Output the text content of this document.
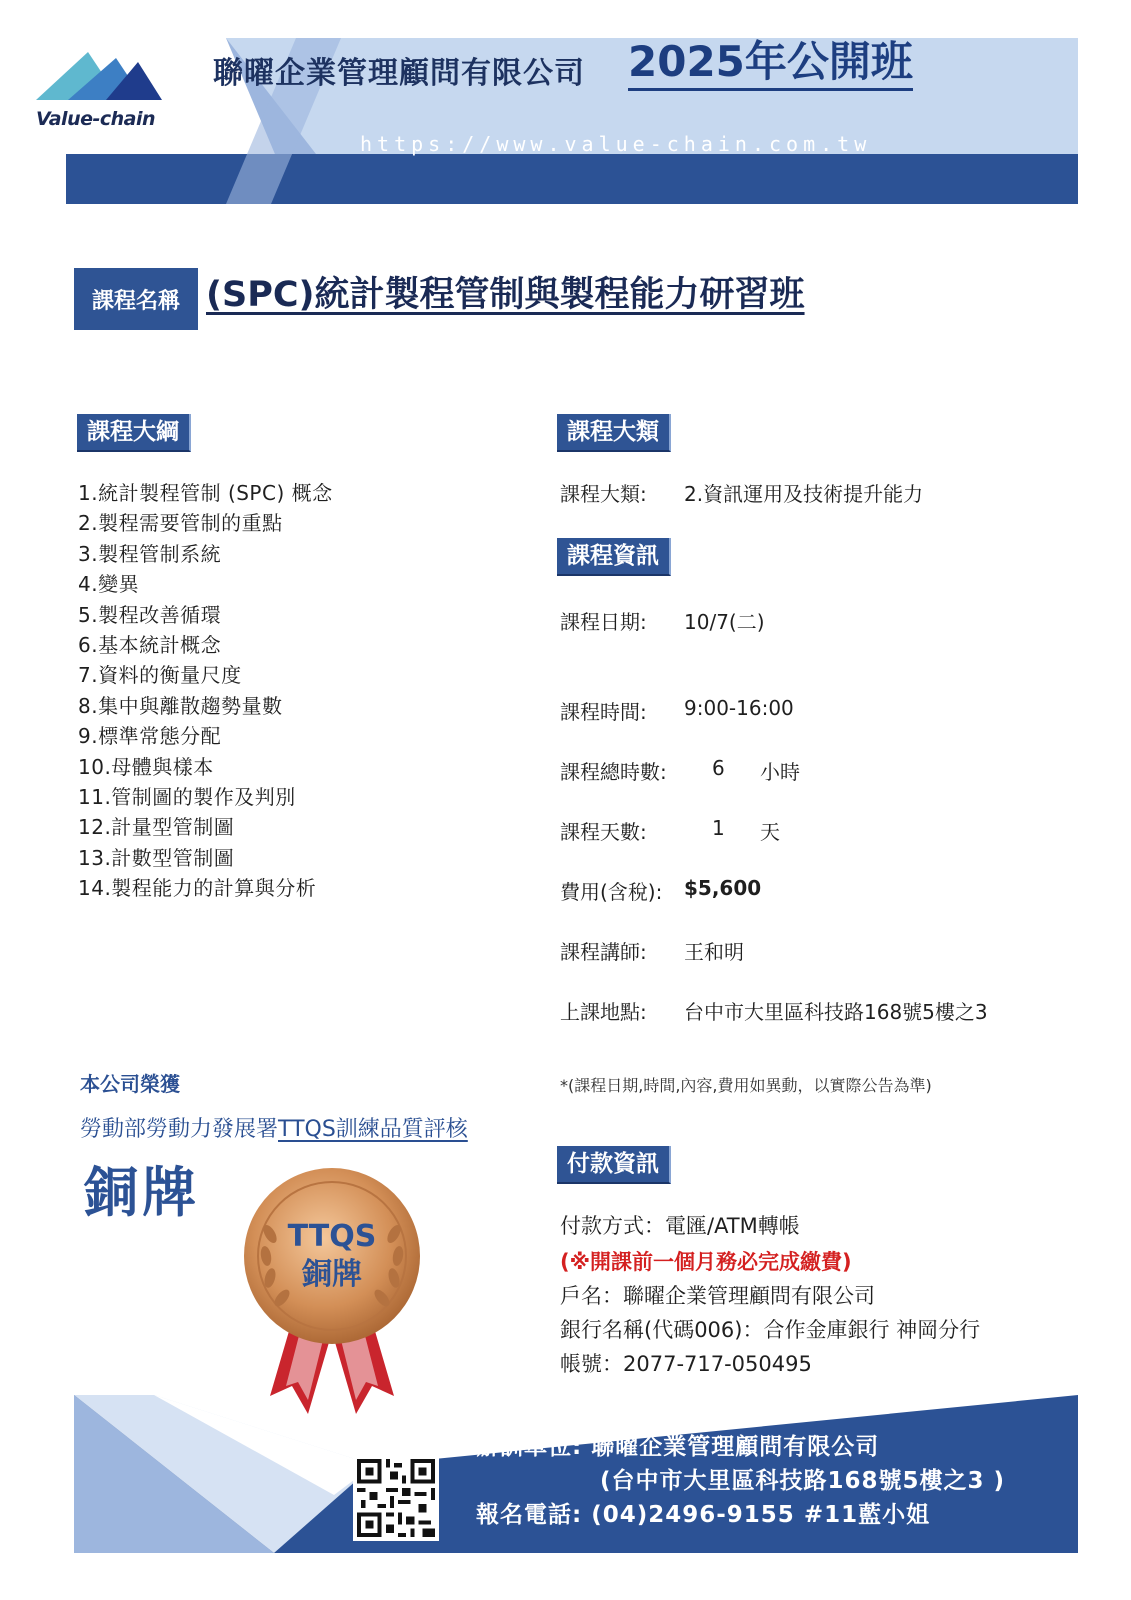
Value-chain
聯曜企業管理顧問有限公司 2025年公開班
https://www.value-chain.com.tw
課程名稱 (SPC)統計製程管制與製程能力研習班
課程大綱
1.統計製程管制 (SPC) 概念
2.製程需要管制的重點
3.製程管制系統
4.變異
5.製程改善循環
6.基本統計概念
7.資料的衡量尺度
8.集中與離散趨勢量數
9.標準常態分配
10.母體與樣本
11.管制圖的製作及判別
12.計量型管制圖
13.計數型管制圖
14.製程能力的計算與分析
課程大類
課程大類: 2.資訊運用及技術提升能力
課程資訊
課程日期: 10/7(二)
課程時間: 9:00-16:00
課程總時數: 6 小時
課程天數:	1 天
費用(含稅): $5,600
課程講師: 王和明
上課地點: 台中市大里區科技路168號5樓之3
*(課程日期,時間,內容,費用如異動，以實際公告為準)
本公司榮獲
勞動部勞動力發展署TTQS訓練品質評核
銅牌
TTQS
銅牌
付款資訊
付款方式：電匯/ATM轉帳
(※開課前一個月務必完成繳費)
戶名：聯曜企業管理顧問有限公司
銀行名稱(代碼006)：合作金庫銀行 神岡分行
帳號：2077-717-050495
辦訓單位: 聯曜企業管理顧問有限公司
(台中市大里區科技路168號5樓之3 )
報名電話: (04)2496-9155 #11藍小姐
